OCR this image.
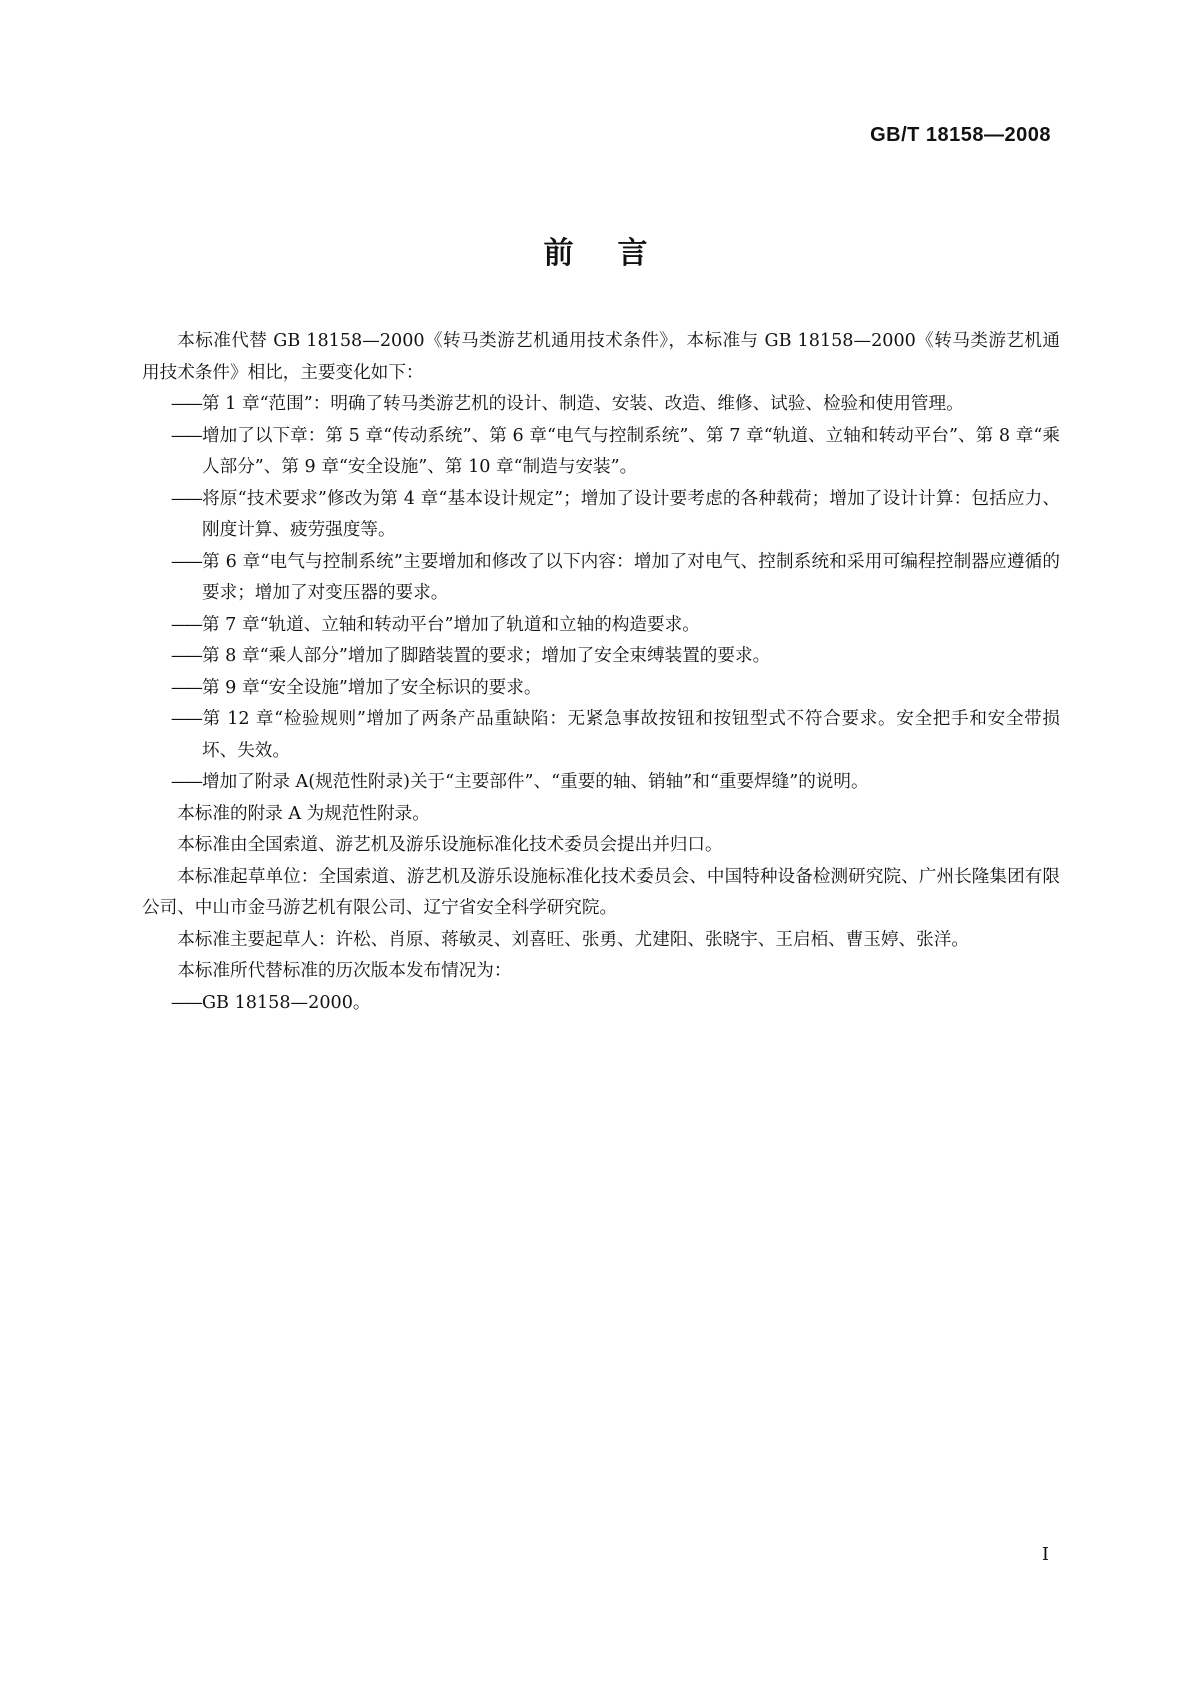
GB/T 18158—2008
前言

本标准代替 GB 18158—2000《转马类游艺机通用技术条件》，本标准与 GB 18158—2000《转马类游艺机通用技术条件》相比，主要变化如下：

——第 1 章“范围”：明确了转马类游艺机的设计、制造、安装、改造、维修、试验、检验和使用管理。

——增加了以下章：第 5 章“传动系统”、第 6 章“电气与控制系统”、第 7 章“轨道、立轴和转动平台”、第 8 章“乘人部分”、第 9 章“安全设施”、第 10 章“制造与安装”。

——将原“技术要求”修改为第 4 章“基本设计规定”；增加了设计要考虑的各种载荷；增加了设计计算：包括应力、刚度计算、疲劳强度等。

——第 6 章“电气与控制系统”主要增加和修改了以下内容：增加了对电气、控制系统和采用可编程控制器应遵循的要求；增加了对变压器的要求。

——第 7 章“轨道、立轴和转动平台”增加了轨道和立轴的构造要求。

——第 8 章“乘人部分”增加了脚踏装置的要求；增加了安全束缚装置的要求。

——第 9 章“安全设施”增加了安全标识的要求。

——第 12 章“检验规则”增加了两条产品重缺陷：无紧急事故按钮和按钮型式不符合要求。安全把手和安全带损坏、失效。

——增加了附录 A(规范性附录)关于“主要部件”、“重要的轴、销轴”和“重要焊缝”的说明。

本标准的附录 A 为规范性附录。

本标准由全国索道、游艺机及游乐设施标准化技术委员会提出并归口。

本标准起草单位：全国索道、游艺机及游乐设施标准化技术委员会、中国特种设备检测研究院、广州长隆集团有限公司、中山市金马游艺机有限公司、辽宁省安全科学研究院。

本标准主要起草人：许松、肖原、蒋敏灵、刘喜旺、张勇、尤建阳、张晓宇、王启栢、曹玉婷、张洋。

本标准所代替标准的历次版本发布情况为：

——GB 18158—2000。

I
